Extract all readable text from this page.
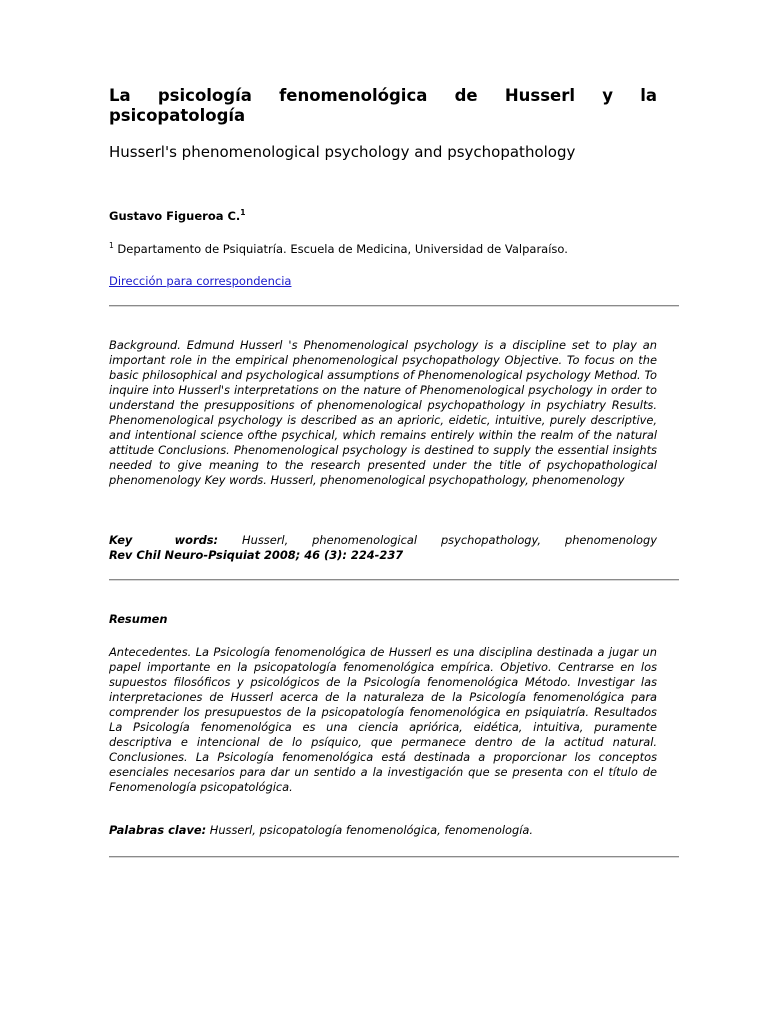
La psicología fenomenológica de Husserl y la psicopatología
Husserl's phenomenological psychology and psychopathology
Gustavo Figueroa C.$^1$
$^1$ Departamento de Psiquiatría. Escuela de Medicina, Universidad de Valparaíso.
Dirección para correspondencia

Background. Edmund Husserl 's Phenomenological psychology is a discipline set to play an important role in the empirical phenomenological psychopathology Objective. To focus on the basic philosophical and psychological assumptions of Phenomenological psychology Method. To inquire into Husserl's interpretations on the nature of Phenomenological psychology in order to understand the presuppositions of phenomenological psychopathology in psychiatry Results. Phenomenological psychology is described as an aprioric, eidetic, intuitive, purely descriptive, and intentional science ofthe psychical, which remains entirely within the realm of the natural attitude Conclusions. Phenomenological psychology is destined to supply the essential insights needed to give meaning to the research presented under the title of psychopathological phenomenology Key words. Husserl, phenomenological psychopathology, phenomenology

Key words: Husserl, phenomenological psychopathology, phenomenology
Rev Chil Neuro-Psiquiat 2008; 46 (3): 224-237
Resumen

Antecedentes. La Psicología fenomenológica de Husserl es una disciplina destinada a jugar un papel importante en la psicopatología fenomenológica empírica. Objetivo. Centrarse en los supuestos filosóficos y psicológicos de la Psicología fenomenológica Método. Investigar las interpretaciones de Husserl acerca de la naturaleza de la Psicología fenomenológica para comprender los presupuestos de la psicopatología fenomenológica en psiquiatría. Resultados La Psicología fenomenológica es una ciencia apriórica, eidética, intuitiva, puramente descriptiva e intencional de lo psíquico, que permanece dentro de la actitud natural. Conclusiones. La Psicología fenomenológica está destinada a proporcionar los conceptos esenciales necesarios para dar un sentido a la investigación que se presenta con el título de Fenomenología psicopatológica.

Palabras clave: Husserl, psicopatología fenomenológica, fenomenología.
